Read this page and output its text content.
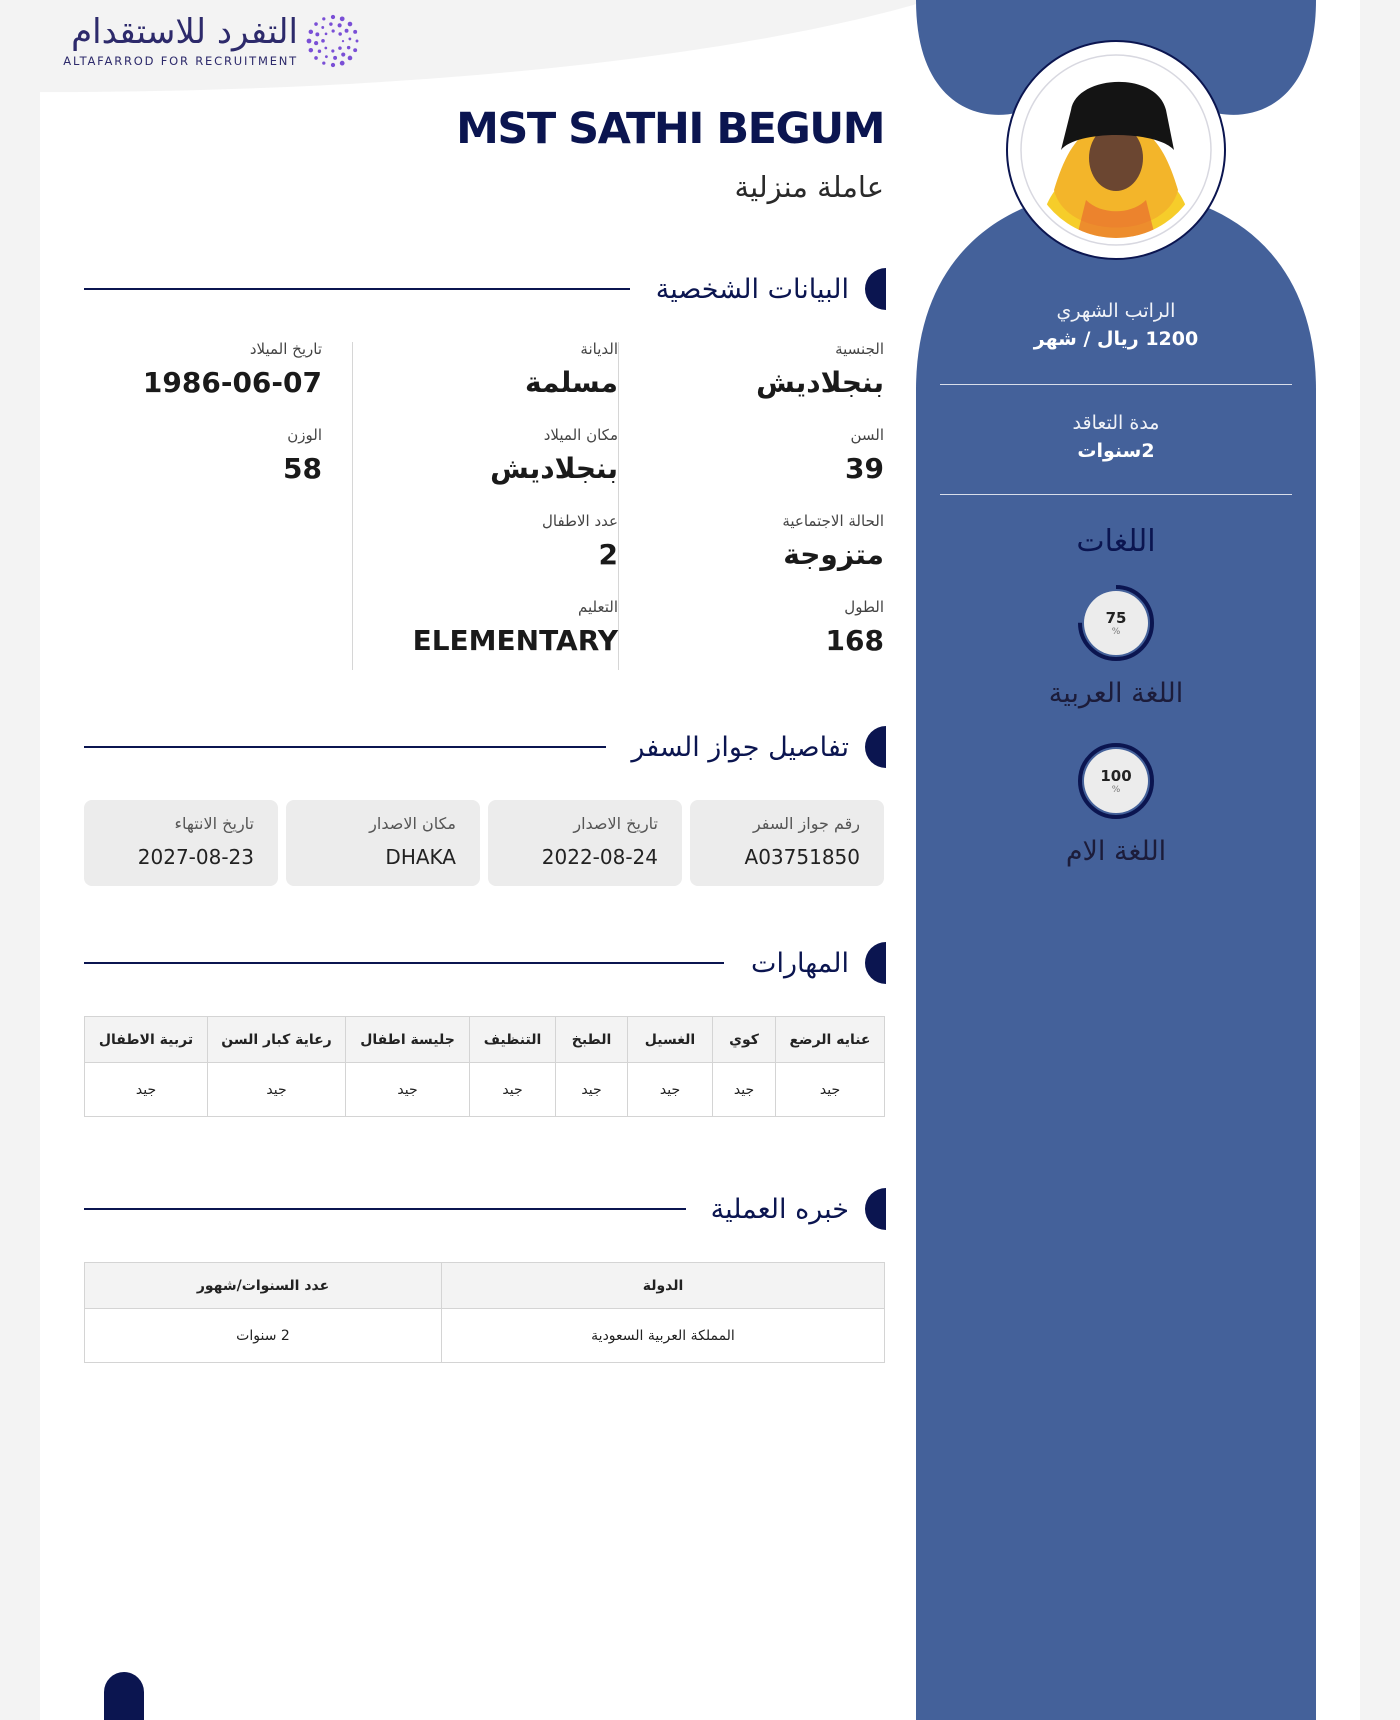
التفرد للاستقدام
ALTAFARROD FOR RECRUITMENT
الراتب الشهري
1200 ريال / شهر
مدة التعاقد
2سنوات
اللغات
75
%
اللغة العربية
100
%
اللغة الام
MST SATHI BEGUM
عاملة منزلية
البيانات الشخصية
الجنسية
بنجلاديش
السن
39
الحالة الاجتماعية
متزوجة
الطول
168
الديانة
مسلمة
مكان الميلاد
بنجلاديش
عدد الاطفال
2
التعليم
ELEMENTARY
تاريخ الميلاد
1986-06-07
الوزن
58
تفاصيل جواز السفر
رقم جواز السفر
A03751850
تاريخ الاصدار
2022-08-24
مكان الاصدار
DHAKA
تاريخ الانتهاء
2027-08-23
المهارات
عنايه الرضع	كوي	الغسيل	الطبخ	التنظيف	جليسة اطفال	رعاية كبار السن	تربية الاطفال
جيد	جيد	جيد	جيد	جيد	جيد	جيد	جيد
خبره العملية
الدولة	عدد السنوات/شهور
المملكة العربية السعودية	2 سنوات
